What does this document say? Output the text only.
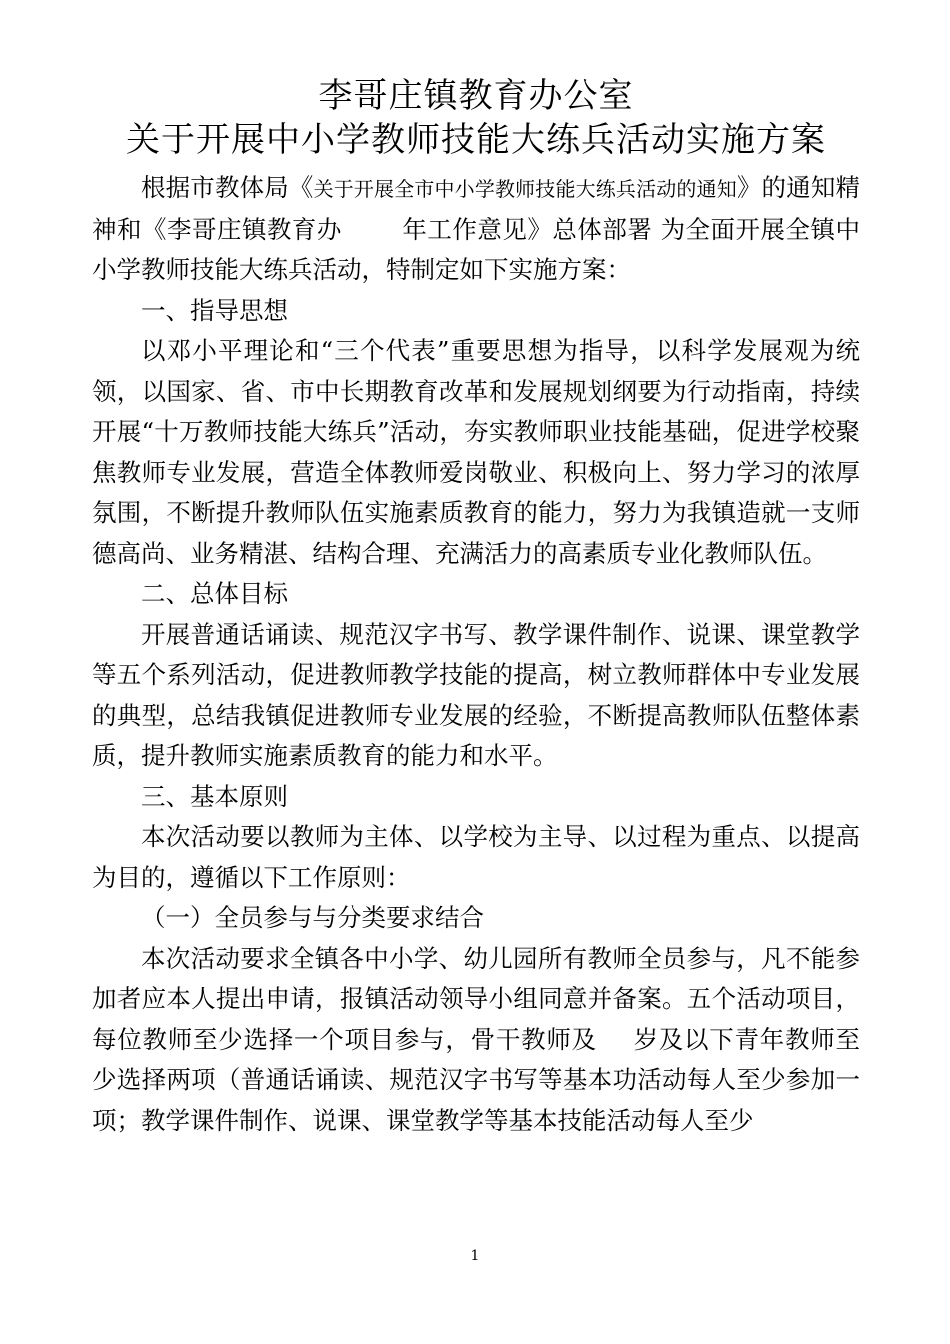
李哥庄镇教育办公室

关于开展中小学教师技能大练兵活动实施方案

根据市教体局《关于开展全市中小学教师技能大练兵活动的通知》的通知精神和《李哥庄镇教育办 年工作意见》总体部署 为全面开展全镇中小学教师技能大练兵活动，特制定如下实施方案：

一、指导思想

以邓小平理论和“三个代表”重要思想为指导，以科学发展观为统领，以国家、省、市中长期教育改革和发展规划纲要为行动指南，持续开展“十万教师技能大练兵”活动，夯实教师职业技能基础，促进学校聚焦教师专业发展，营造全体教师爱岗敬业、积极向上、努力学习的浓厚氛围，不断提升教师队伍实施素质教育的能力，努力为我镇造就一支师德高尚、业务精湛、结构合理、充满活力的高素质专业化教师队伍。

二、总体目标

开展普通话诵读、规范汉字书写、教学课件制作、说课、课堂教学等五个系列活动，促进教师教学技能的提高，树立教师群体中专业发展的典型，总结我镇促进教师专业发展的经验，不断提高教师队伍整体素质，提升教师实施素质教育的能力和水平。

三、基本原则

本次活动要以教师为主体、以学校为主导、以过程为重点、以提高为目的，遵循以下工作原则：

（一）全员参与与分类要求结合

本次活动要求全镇各中小学、幼儿园所有教师全员参与，凡不能参加者应本人提出申请，报镇活动领导小组同意并备案。五个活动项目，每位教师至少选择一个项目参与，骨干教师及 岁及以下青年教师至少选择两项（普通话诵读、规范汉字书写等基本功活动每人至少参加一项；教学课件制作、说课、课堂教学等基本技能活动每人至少

1
